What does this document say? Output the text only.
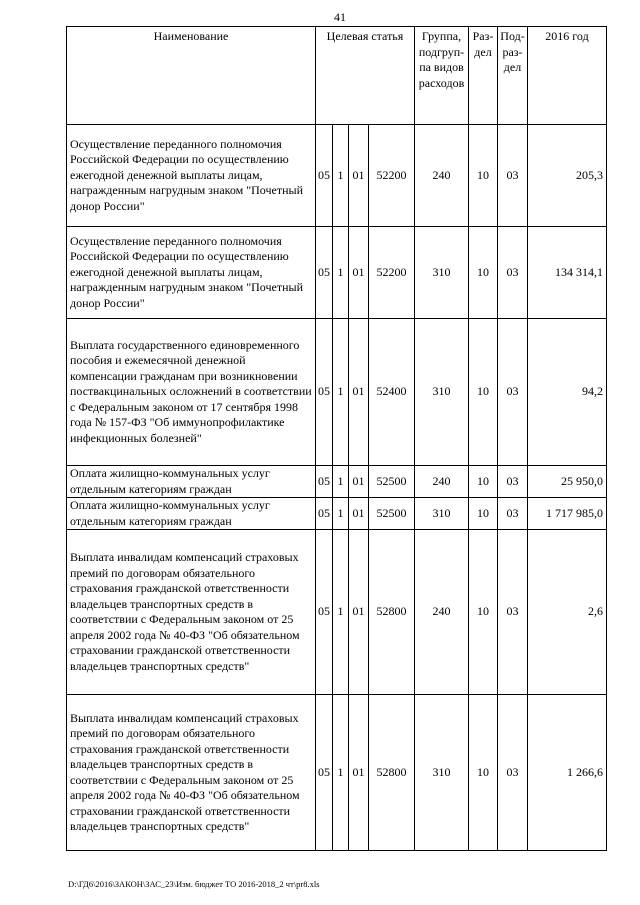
41
Наименование	Целевая статья				Группа, подгруп-па видов расходов	Раз-дел	Под-раз-дел	2016 год
Осуществление переданного полномочия Российской Федерации по осуществлению ежегодной денежной выплаты лицам, награжденным нагрудным знаком "Почетный донор России"	05	1	01	52200	240	10	03	205,3
Осуществление переданного полномочия Российской Федерации по осуществлению ежегодной денежной выплаты лицам, награжденным нагрудным знаком "Почетный донор России"	05	1	01	52200	310	10	03	134 314,1
Выплата государственного единовременного пособия и ежемесячной денежной компенсации гражданам при возникновении поствакцинальных осложнений в соответствии с Федеральным законом от 17 сентября 1998 года № 157-ФЗ "Об иммунопрофилактике инфекционных болезней"	05	1	01	52400	310	10	03	94,2
Оплата жилищно-коммунальных услуг отдельным категориям граждан	05	1	01	52500	240	10	03	25 950,0
Оплата жилищно-коммунальных услуг отдельным категориям граждан	05	1	01	52500	310	10	03	1 717 985,0
Выплата инвалидам компенсаций страховых премий по договорам обязательного страхования гражданской ответственности владельцев транспортных средств в соответствии с Федеральным законом от 25 апреля 2002 года № 40-ФЗ "Об обязательном страховании гражданской ответственности владельцев транспортных средств"	05	1	01	52800	240	10	03	2,6
Выплата инвалидам компенсаций страховых премий по договорам обязательного страхования гражданской ответственности владельцев транспортных средств в соответствии с Федеральным законом от 25 апреля 2002 года № 40-ФЗ "Об обязательном страховании гражданской ответственности владельцев транспортных средств"	05	1	01	52800	310	10	03	1 266,6
D:\ГД6\2016\ЗАКОН\ЗАС_23\Изм. бюджет ТО 2016-2018_2 чт\pr8.xls
